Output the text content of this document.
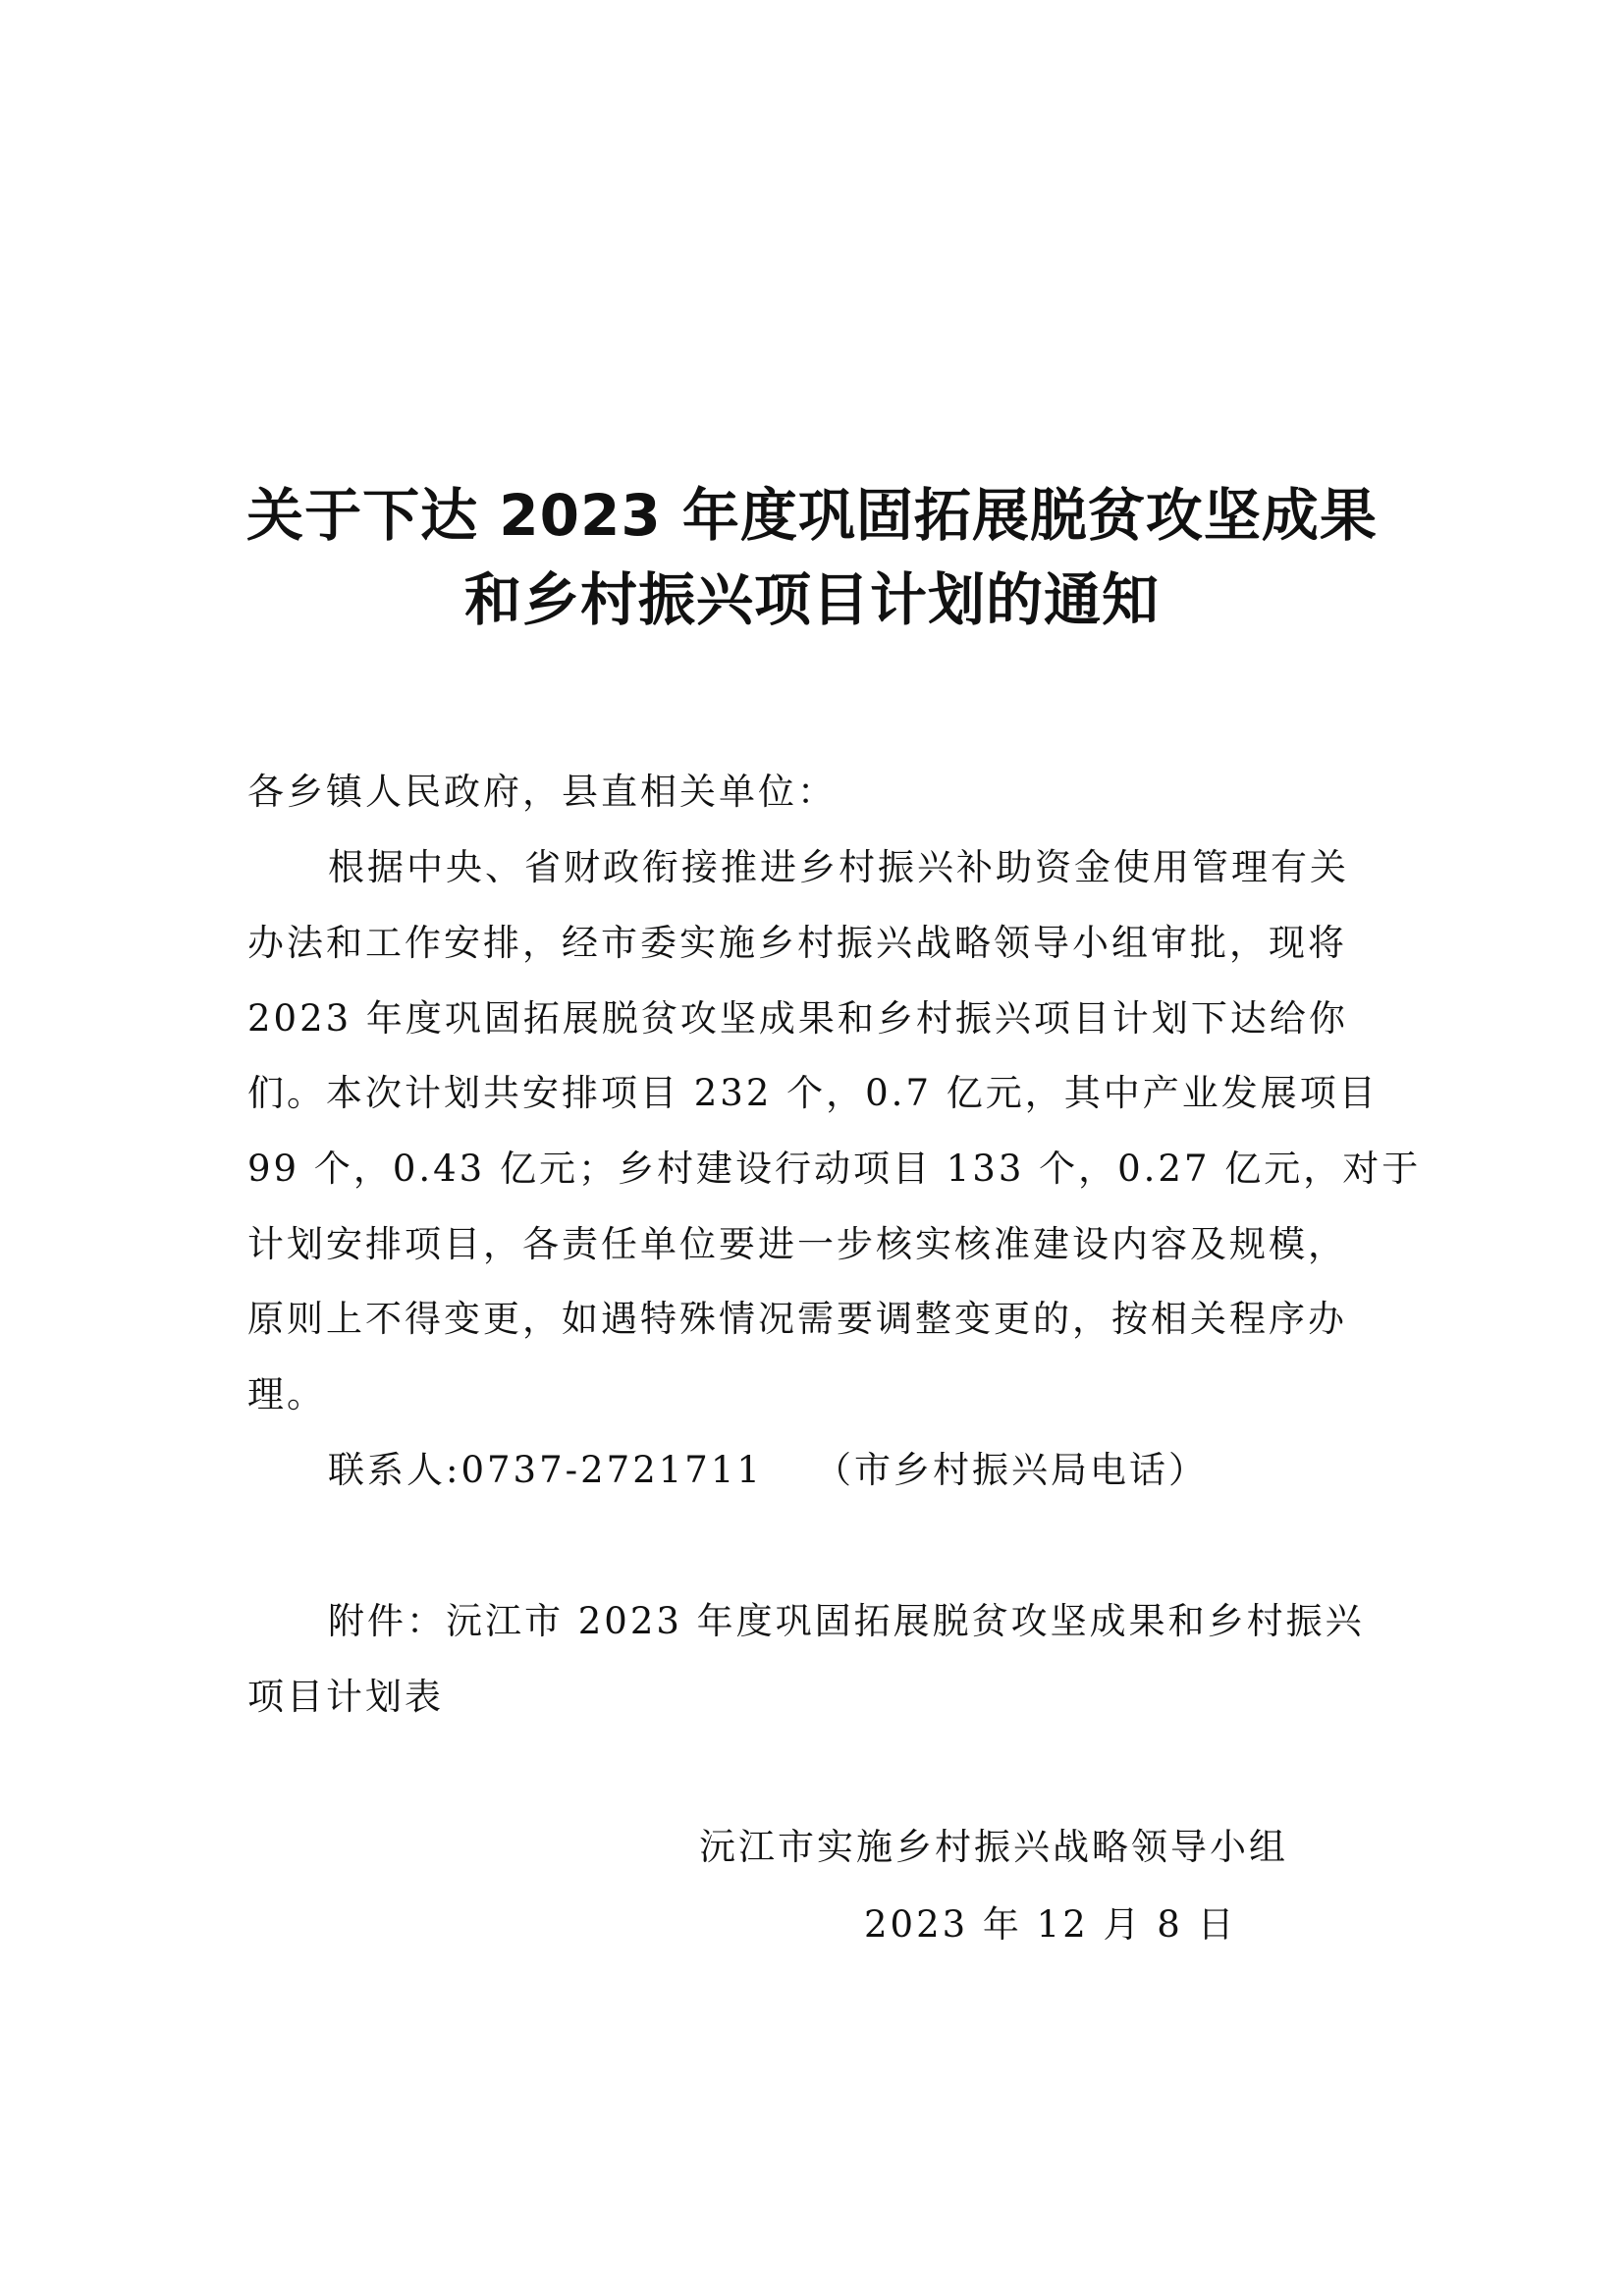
关于下达 2023 年度巩固拓展脱贫攻坚成果
和乡村振兴项目计划的通知

各乡镇人民政府，县直相关单位：

根据中央、省财政衔接推进乡村振兴补助资金使用管理有关

办法和工作安排，经市委实施乡村振兴战略领导小组审批，现将

2023 年度巩固拓展脱贫攻坚成果和乡村振兴项目计划下达给你

们。本次计划共安排项目 232 个，0.7 亿元，其中产业发展项目

99 个，0.43 亿元；乡村建设行动项目 133 个，0.27 亿元，对于

计划安排项目，各责任单位要进一步核实核准建设内容及规模，

原则上不得变更，如遇特殊情况需要调整变更的，按相关程序办

理。

联系人:0737-2721711 （市乡村振兴局电话）

附件：沅江市 2023 年度巩固拓展脱贫攻坚成果和乡村振兴

项目计划表

沅江市实施乡村振兴战略领导小组

2023 年 12 月 8 日
